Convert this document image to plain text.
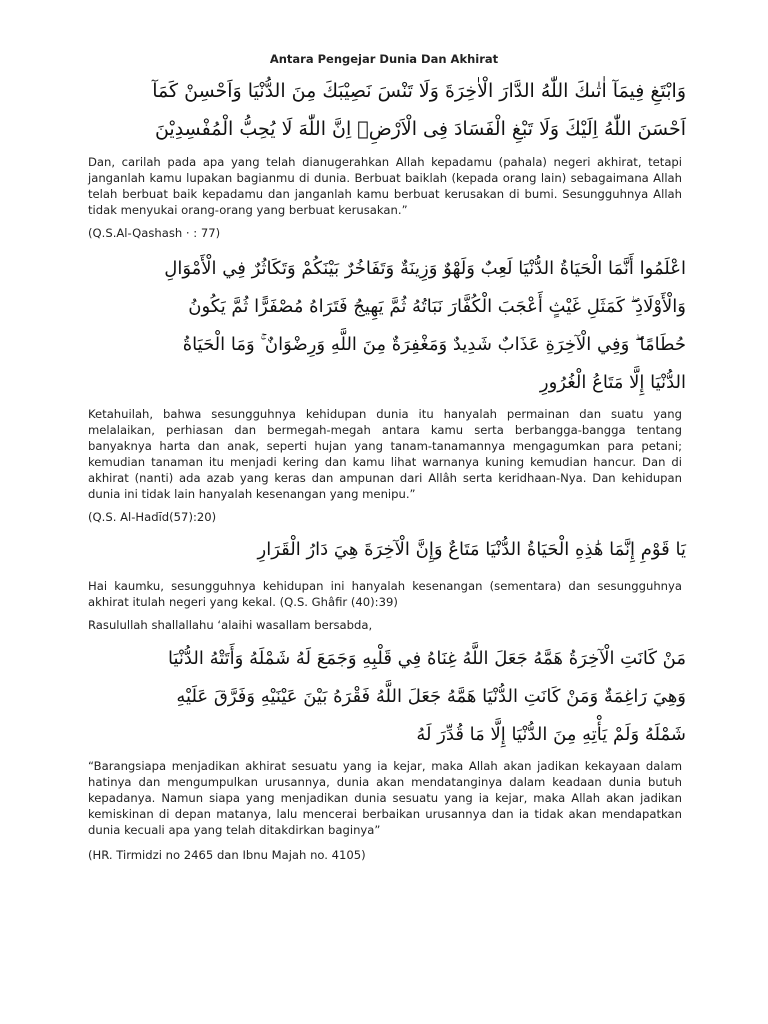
Antara Pengejar Dunia Dan Akhirat
وَابْتَغِ فِيمَآ اٰتٰىكَ اللّٰهُ الدَّارَ الْاٰخِرَةَ وَلَا تَنْسَ نَصِيْبَكَ مِنَ الدُّنْيَا وَاَحْسِنْ كَمَآ
اَحْسَنَ اللّٰهُ اِلَيْكَ وَلَا تَبْغِ الْفَسَادَ فِى الْاَرْضِۗ اِنَّ اللّٰهَ لَا يُحِبُّ الْمُفْسِدِيْنَ

Dan, carilah pada apa yang telah dianugerahkan Allah kepadamu (pahala) negeri akhirat, tetapi janganlah kamu lupakan bagianmu di dunia. Berbuat baiklah (kepada orang lain) sebagaimana Allah telah berbuat baik kepadamu dan janganlah kamu berbuat kerusakan di bumi. Sesungguhnya Allah tidak menyukai orang-orang yang berbuat kerusakan.”

(Q.S.Al-Qashash · : 77)

اعْلَمُوا أَنَّمَا الْحَيَاةُ الدُّنْيَا لَعِبٌ وَلَهْوٌ وَزِينَةٌ وَتَفَاخُرٌ بَيْنَكُمْ وَتَكَاثُرٌ فِي الْأَمْوَالِ
وَالْأَوْلَادِ ۖ كَمَثَلِ غَيْثٍ أَعْجَبَ الْكُفَّارَ نَبَاتُهُ ثُمَّ يَهِيجُ فَتَرَاهُ مُصْفَرًّا ثُمَّ يَكُونُ
حُطَامًا ۖ وَفِي الْآخِرَةِ عَذَابٌ شَدِيدٌ وَمَغْفِرَةٌ مِنَ اللَّهِ وَرِضْوَانٌ ۚ وَمَا الْحَيَاةُ
الدُّنْيَا إِلَّا مَتَاعُ الْغُرُورِ

Ketahuilah, bahwa sesungguhnya kehidupan dunia itu hanyalah permainan dan suatu yang melalaikan, perhiasan dan bermegah-megah antara kamu serta berbangga-bangga tentang banyaknya harta dan anak, seperti hujan yang tanam-tanamannya mengagumkan para petani; kemudian tanaman itu menjadi kering dan kamu lihat warnanya kuning kemudian hancur. Dan di akhirat (nanti) ada azab yang keras dan ampunan dari Allâh serta keridhaan-Nya. Dan kehidupan dunia ini tidak lain hanyalah kesenangan yang menipu.”

(Q.S. Al-Hadīd(57):20)

يَا قَوْمِ إِنَّمَا هَٰذِهِ الْحَيَاةُ الدُّنْيَا مَتَاعٌ وَإِنَّ الْآخِرَةَ هِيَ دَارُ الْقَرَارِ

Hai kaumku, sesungguhnya kehidupan ini hanyalah kesenangan (sementara) dan sesungguhnya akhirat itulah negeri yang kekal. (Q.S. Ghâfir (40):39)

Rasulullah shallallahu ‘alaihi wasallam bersabda,

مَنْ كَانَتِ الْآخِرَةُ هَمَّهُ جَعَلَ اللَّهُ غِنَاهُ فِي قَلْبِهِ وَجَمَعَ لَهُ شَمْلَهُ وَأَتَتْهُ الدُّنْيَا
وَهِيَ رَاغِمَةٌ وَمَنْ كَانَتِ الدُّنْيَا هَمَّهُ جَعَلَ اللَّهُ فَقْرَهُ بَيْنَ عَيْنَيْهِ وَفَرَّقَ عَلَيْهِ
شَمْلَهُ وَلَمْ يَأْتِهِ مِنَ الدُّنْيَا إِلَّا مَا قُدِّرَ لَهُ

“Barangsiapa menjadikan akhirat sesuatu yang ia kejar, maka Allah akan jadikan kekayaan dalam hatinya dan mengumpulkan urusannya, dunia akan mendatanginya dalam keadaan dunia butuh kepadanya. Namun siapa yang menjadikan dunia sesuatu yang ia kejar, maka Allah akan jadikan kemiskinan di depan matanya, lalu mencerai berbaikan urusannya dan ia tidak akan mendapatkan dunia kecuali apa yang telah ditakdirkan baginya”

(HR. Tirmidzi no 2465 dan Ibnu Majah no. 4105)
